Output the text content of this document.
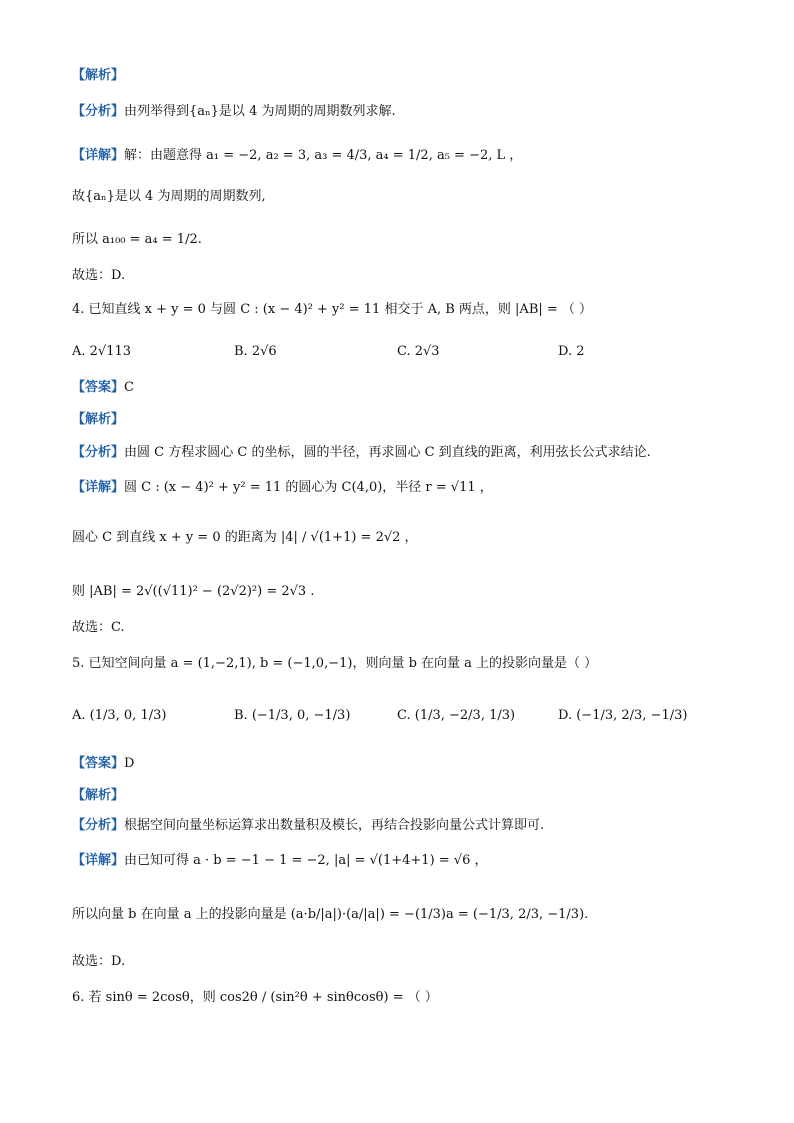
【解析】
【分析】由列举得到{aₙ}是以 4 为周期的周期数列求解.
【详解】解：由题意得 a₁ = −2, a₂ = 3, a₃ = 4/3, a₄ = 1/2, a₅ = −2, L ，
故{aₙ}是以 4 为周期的周期数列,
所以 a₁₀₀ = a₄ = 1/2.
故选：D.
4. 已知直线 x + y = 0 与圆 C : (x − 4)² + y² = 11 相交于 A, B 两点，则 |AB| = （ ）
A. 2√113	B. 2√6	C. 2√3	D. 2
【答案】C
【解析】
【分析】由圆 C 方程求圆心 C 的坐标，圆的半径，再求圆心 C 到直线的距离，利用弦长公式求结论.
【详解】圆 C : (x − 4)² + y² = 11 的圆心为 C(4,0)，半径 r = √11 ，
圆心 C 到直线 x + y = 0 的距离为 |4| / √(1+1) = 2√2 ，
则 |AB| = 2√((√11)² − (2√2)²) = 2√3 .
故选：C.
5. 已知空间向量 a = (1,−2,1), b = (−1,0,−1)，则向量 b 在向量 a 上的投影向量是（ ）
A. (1/3, 0, 1/3)	B. (−1/3, 0, −1/3)	C. (1/3, −2/3, 1/3)	D. (−1/3, 2/3, −1/3)
【答案】D
【解析】
【分析】根据空间向量坐标运算求出数量积及模长，再结合投影向量公式计算即可.
【详解】由已知可得 a · b = −1 − 1 = −2, |a| = √(1+4+1) = √6 ，
所以向量 b 在向量 a 上的投影向量是 (a·b/|a|)·(a/|a|) = −(1/3)a = (−1/3, 2/3, −1/3).
故选：D.
6. 若 sinθ = 2cosθ，则 cos2θ / (sin²θ + sinθcosθ) = （ ）
